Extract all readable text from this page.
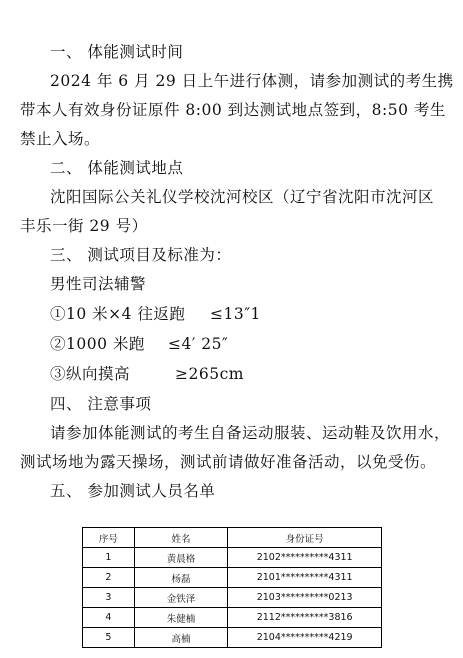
一、 体能测试时间
2024 年 6 月 29 日上午进行体测，请参加测试的考生携
带本人有效身份证原件 8:00 到达测试地点签到，8:50 考生
禁止入场。
二、 体能测试地点
沈阳国际公关礼仪学校沈河校区（辽宁省沈阳市沈河区
丰乐一街 29 号）
三、 测试项目及标准为：
男性司法辅警
①10 米×4 往返跑 ≤13″1
②1000 米跑 ≤4′ 25″
③纵向摸高	≥265cm
四、 注意事项
请参加体能测试的考生自备运动服装、运动鞋及饮用水，
测试场地为露天操场，测试前请做好准备活动，以免受伤。
五、 参加测试人员名单
序号	姓名	身份证号
1	黄晨格	2102**********4311
2	杨磊	2101**********4311
3	金铁泽	2103**********0213
4	朱健楠	2112**********3816
5	高楠	2104**********4219
